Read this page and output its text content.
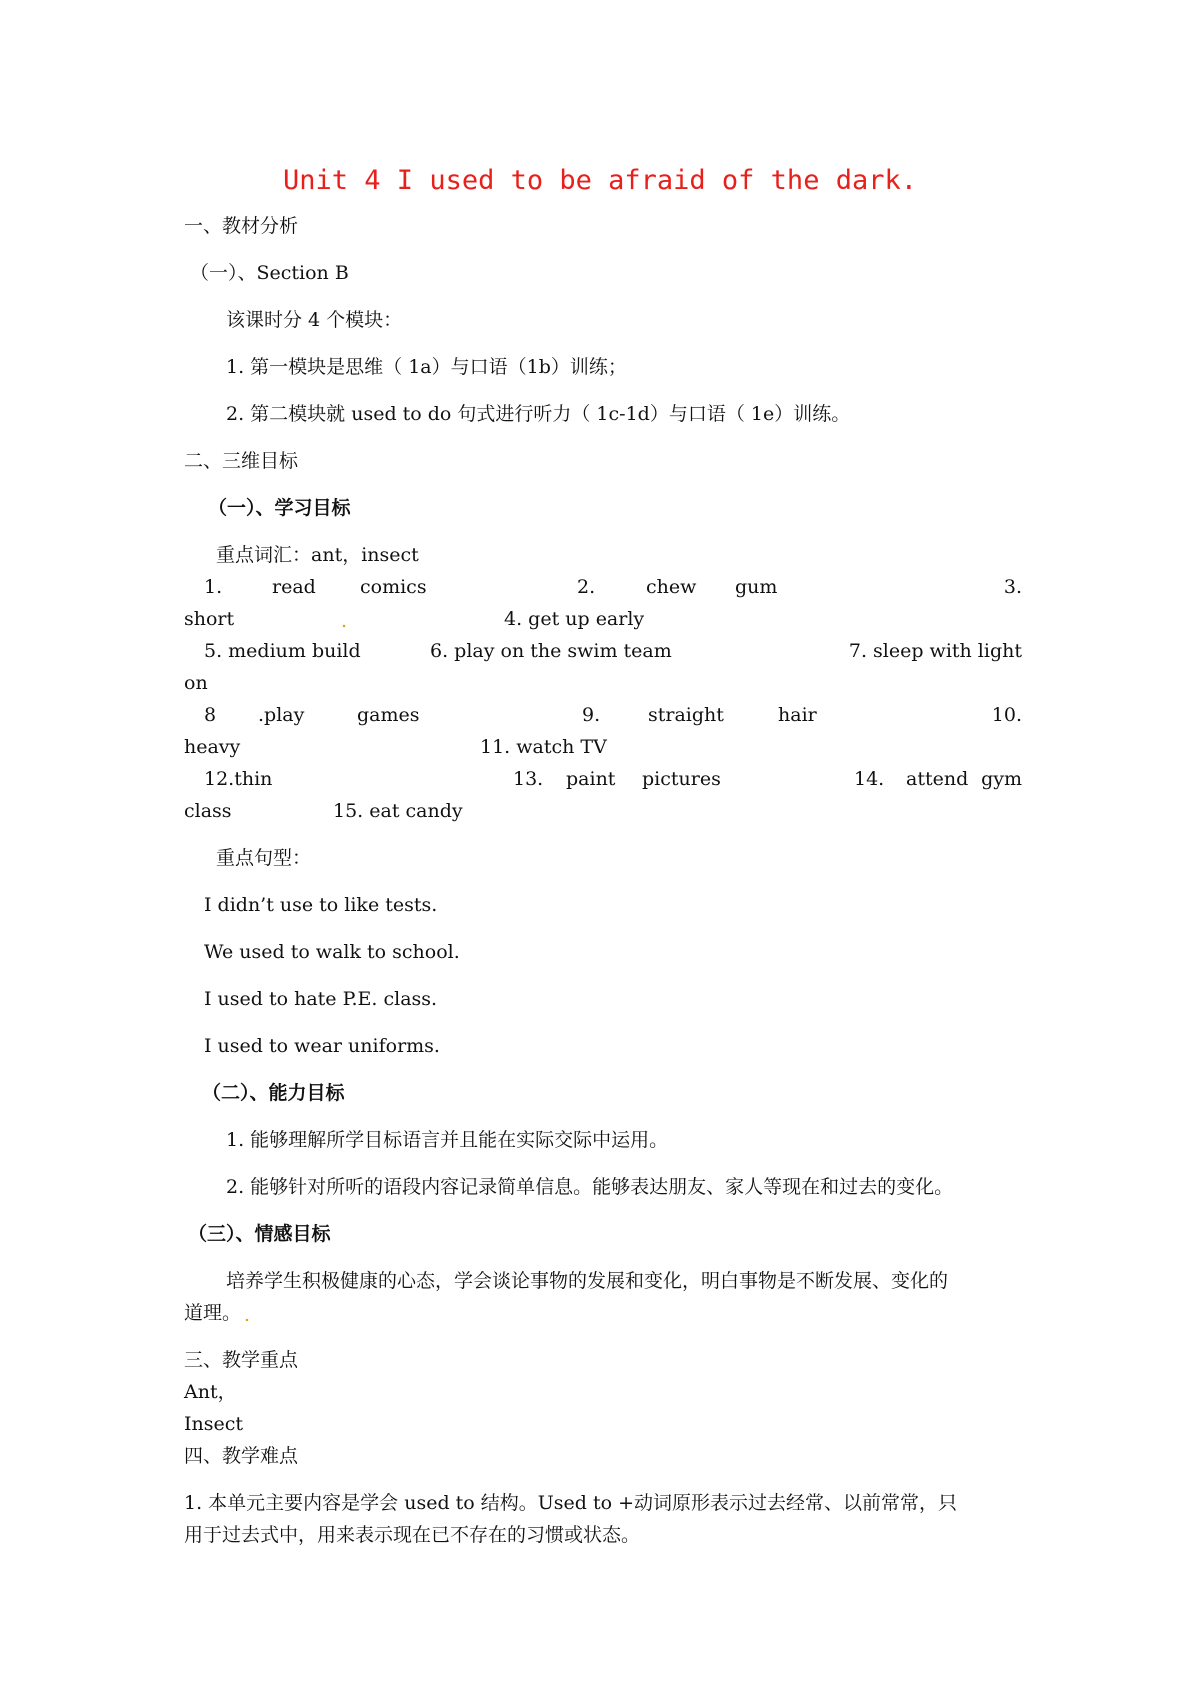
Unit 4 I used to be afraid of the dark.
一、教材分析
（一）、Section B
该课时分 4 个模块：
1. 第一模块是思维（ 1a）与口语（1b）训练；
2. 第二模块就 used to do 句式进行听力（ 1c-1d）与口语（ 1e）训练。
二、三维目标
（一）、学习目标
重点词汇：ant，insect
1.	read comics	2.	chew gum	3.
short	.	4. get up early
5. medium build	6. play on the swim team	7. sleep with light
on
8 .play	games	9.	straight	hair	10.
heavy	11. watch TV
12.thin	13. paint pictures	14. attend gym
class	15. eat candy
重点句型：
I didn’t use to like tests.
We used to walk to school.
I used to hate P.E. class.
I used to wear uniforms.
（二）、能力目标
1. 能够理解所学目标语言并且能在实际交际中运用。
2. 能够针对所听的语段内容记录简单信息。能够表达朋友、家人等现在和过去的变化。
（三）、情感目标
培养学生积极健康的心态，学会谈论事物的发展和变化，明白事物是不断发展、变化的
道理。 .
三、教学重点
Ant，
Insect
四、教学难点
1. 本单元主要内容是学会 used to 结构。Used to +动词原形表示过去经常、以前常常，只
用于过去式中，用来表示现在已不存在的习惯或状态。
